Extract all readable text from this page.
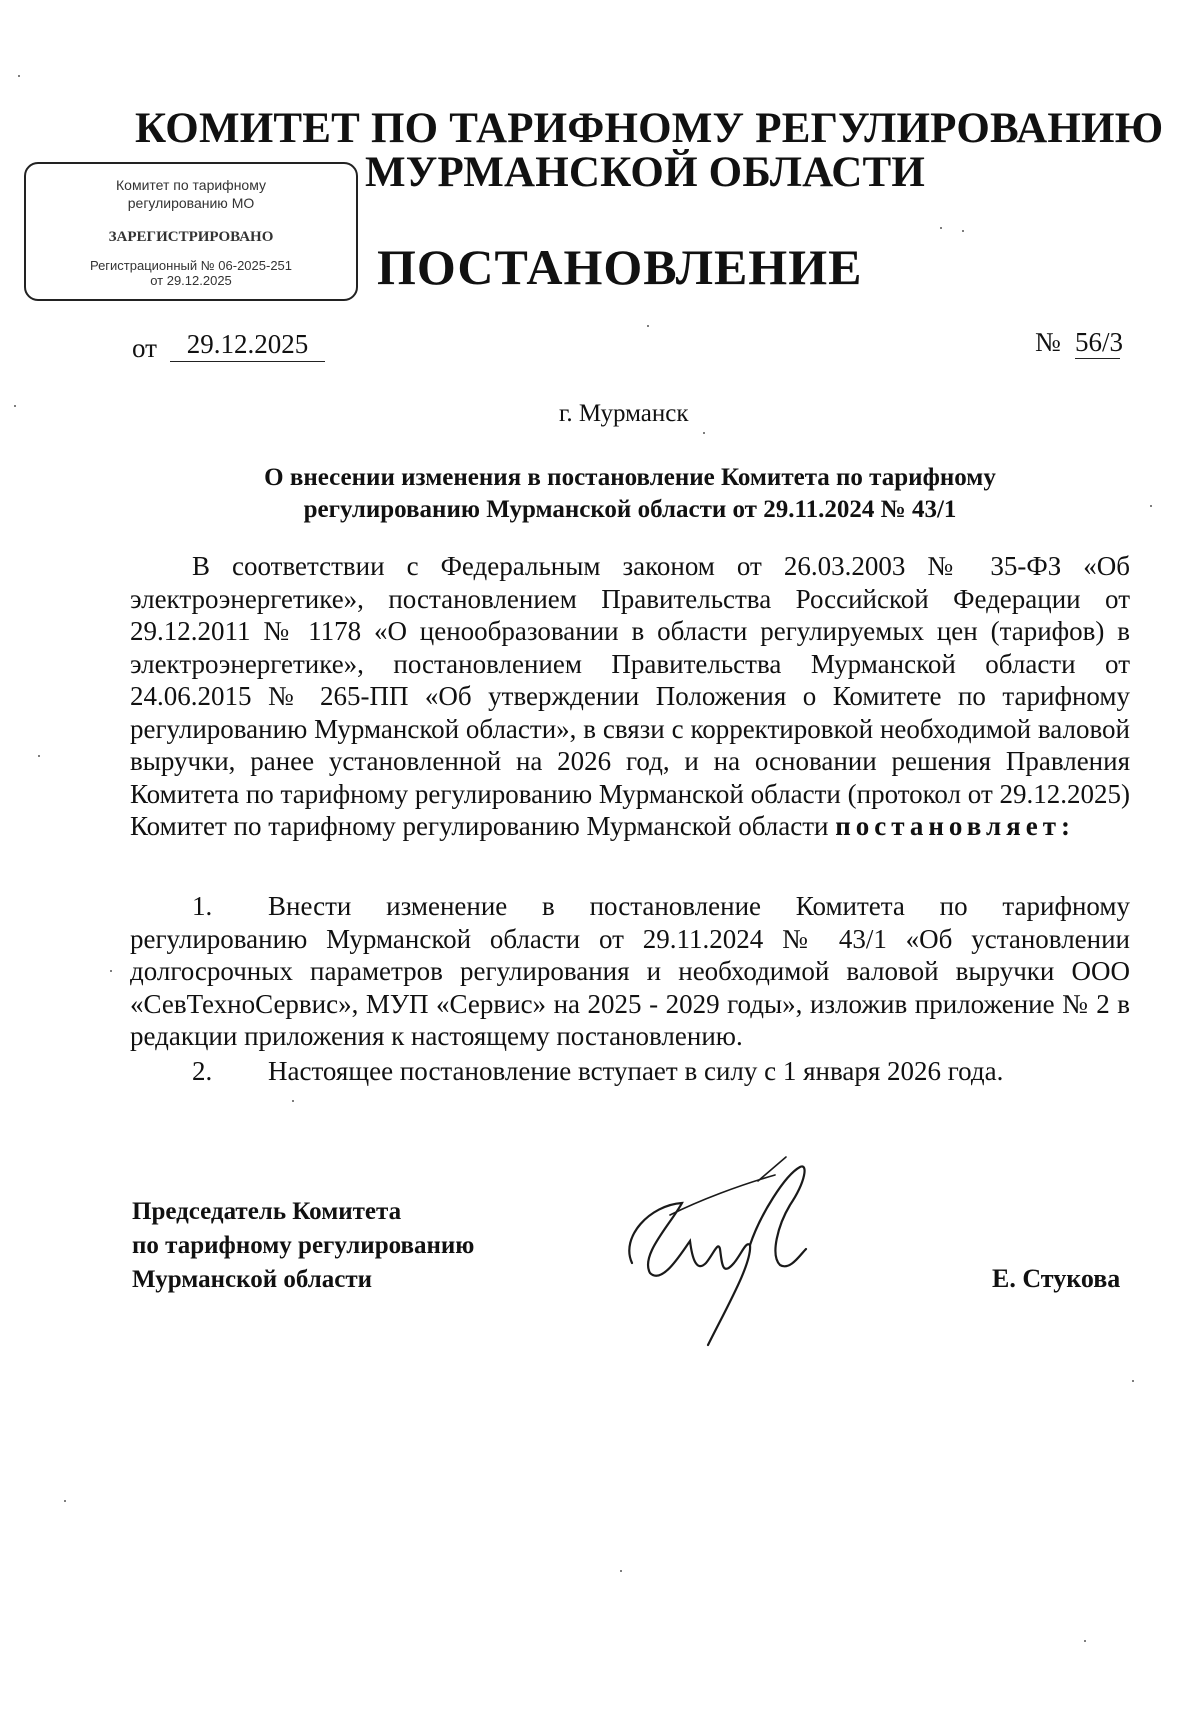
КОМИТЕТ ПО ТАРИФНОМУ РЕГУЛИРОВАНИЮ
МУРМАНСКОЙ ОБЛАСТИ
ПОСТАНОВЛЕНИЕ
Комитет по тарифному
регулированию МО
ЗАРЕГИСТРИРОВАНО
Регистрационный № 06-2025-251
от 29.12.2025
от	29.12.2025	№ 56/3
г. Мурманск
О внесении изменения в постановление Комитета по тарифному
регулированию Мурманской области от 29.11.2024 № 43/1
В соответствии с Федеральным законом от 26.03.2003 № 35-ФЗ «Об электроэнергетике», постановлением Правительства Российской Федерации от 29.12.2011 № 1178 «О ценообразовании в области регулируемых цен (тарифов) в электроэнергетике», постановлением Правительства Мурманской области от 24.06.2015 № 265-ПП «Об утверждении Положения о Комитете по тарифному регулированию Мурманской области», в связи с корректировкой необходимой валовой выручки, ранее установленной на 2026 год, и на основании решения Правления Комитета по тарифному регулированию Мурманской области (протокол от 29.12.2025) Комитет по тарифному регулированию Мурманской области постановляет:
1. Внести изменение в постановление Комитета по тарифному регулированию Мурманской области от 29.11.2024 № 43/1 «Об установлении долгосрочных параметров регулирования и необходимой валовой выручки ООО «СевТехноСервис», МУП «Сервис» на 2025 - 2029 годы», изложив приложение № 2 в редакции приложения к настоящему постановлению.
2. Настоящее постановление вступает в силу с 1 января 2026 года.
Председатель Комитета
по тарифному регулированию
Мурманской области	Е. Стукова
